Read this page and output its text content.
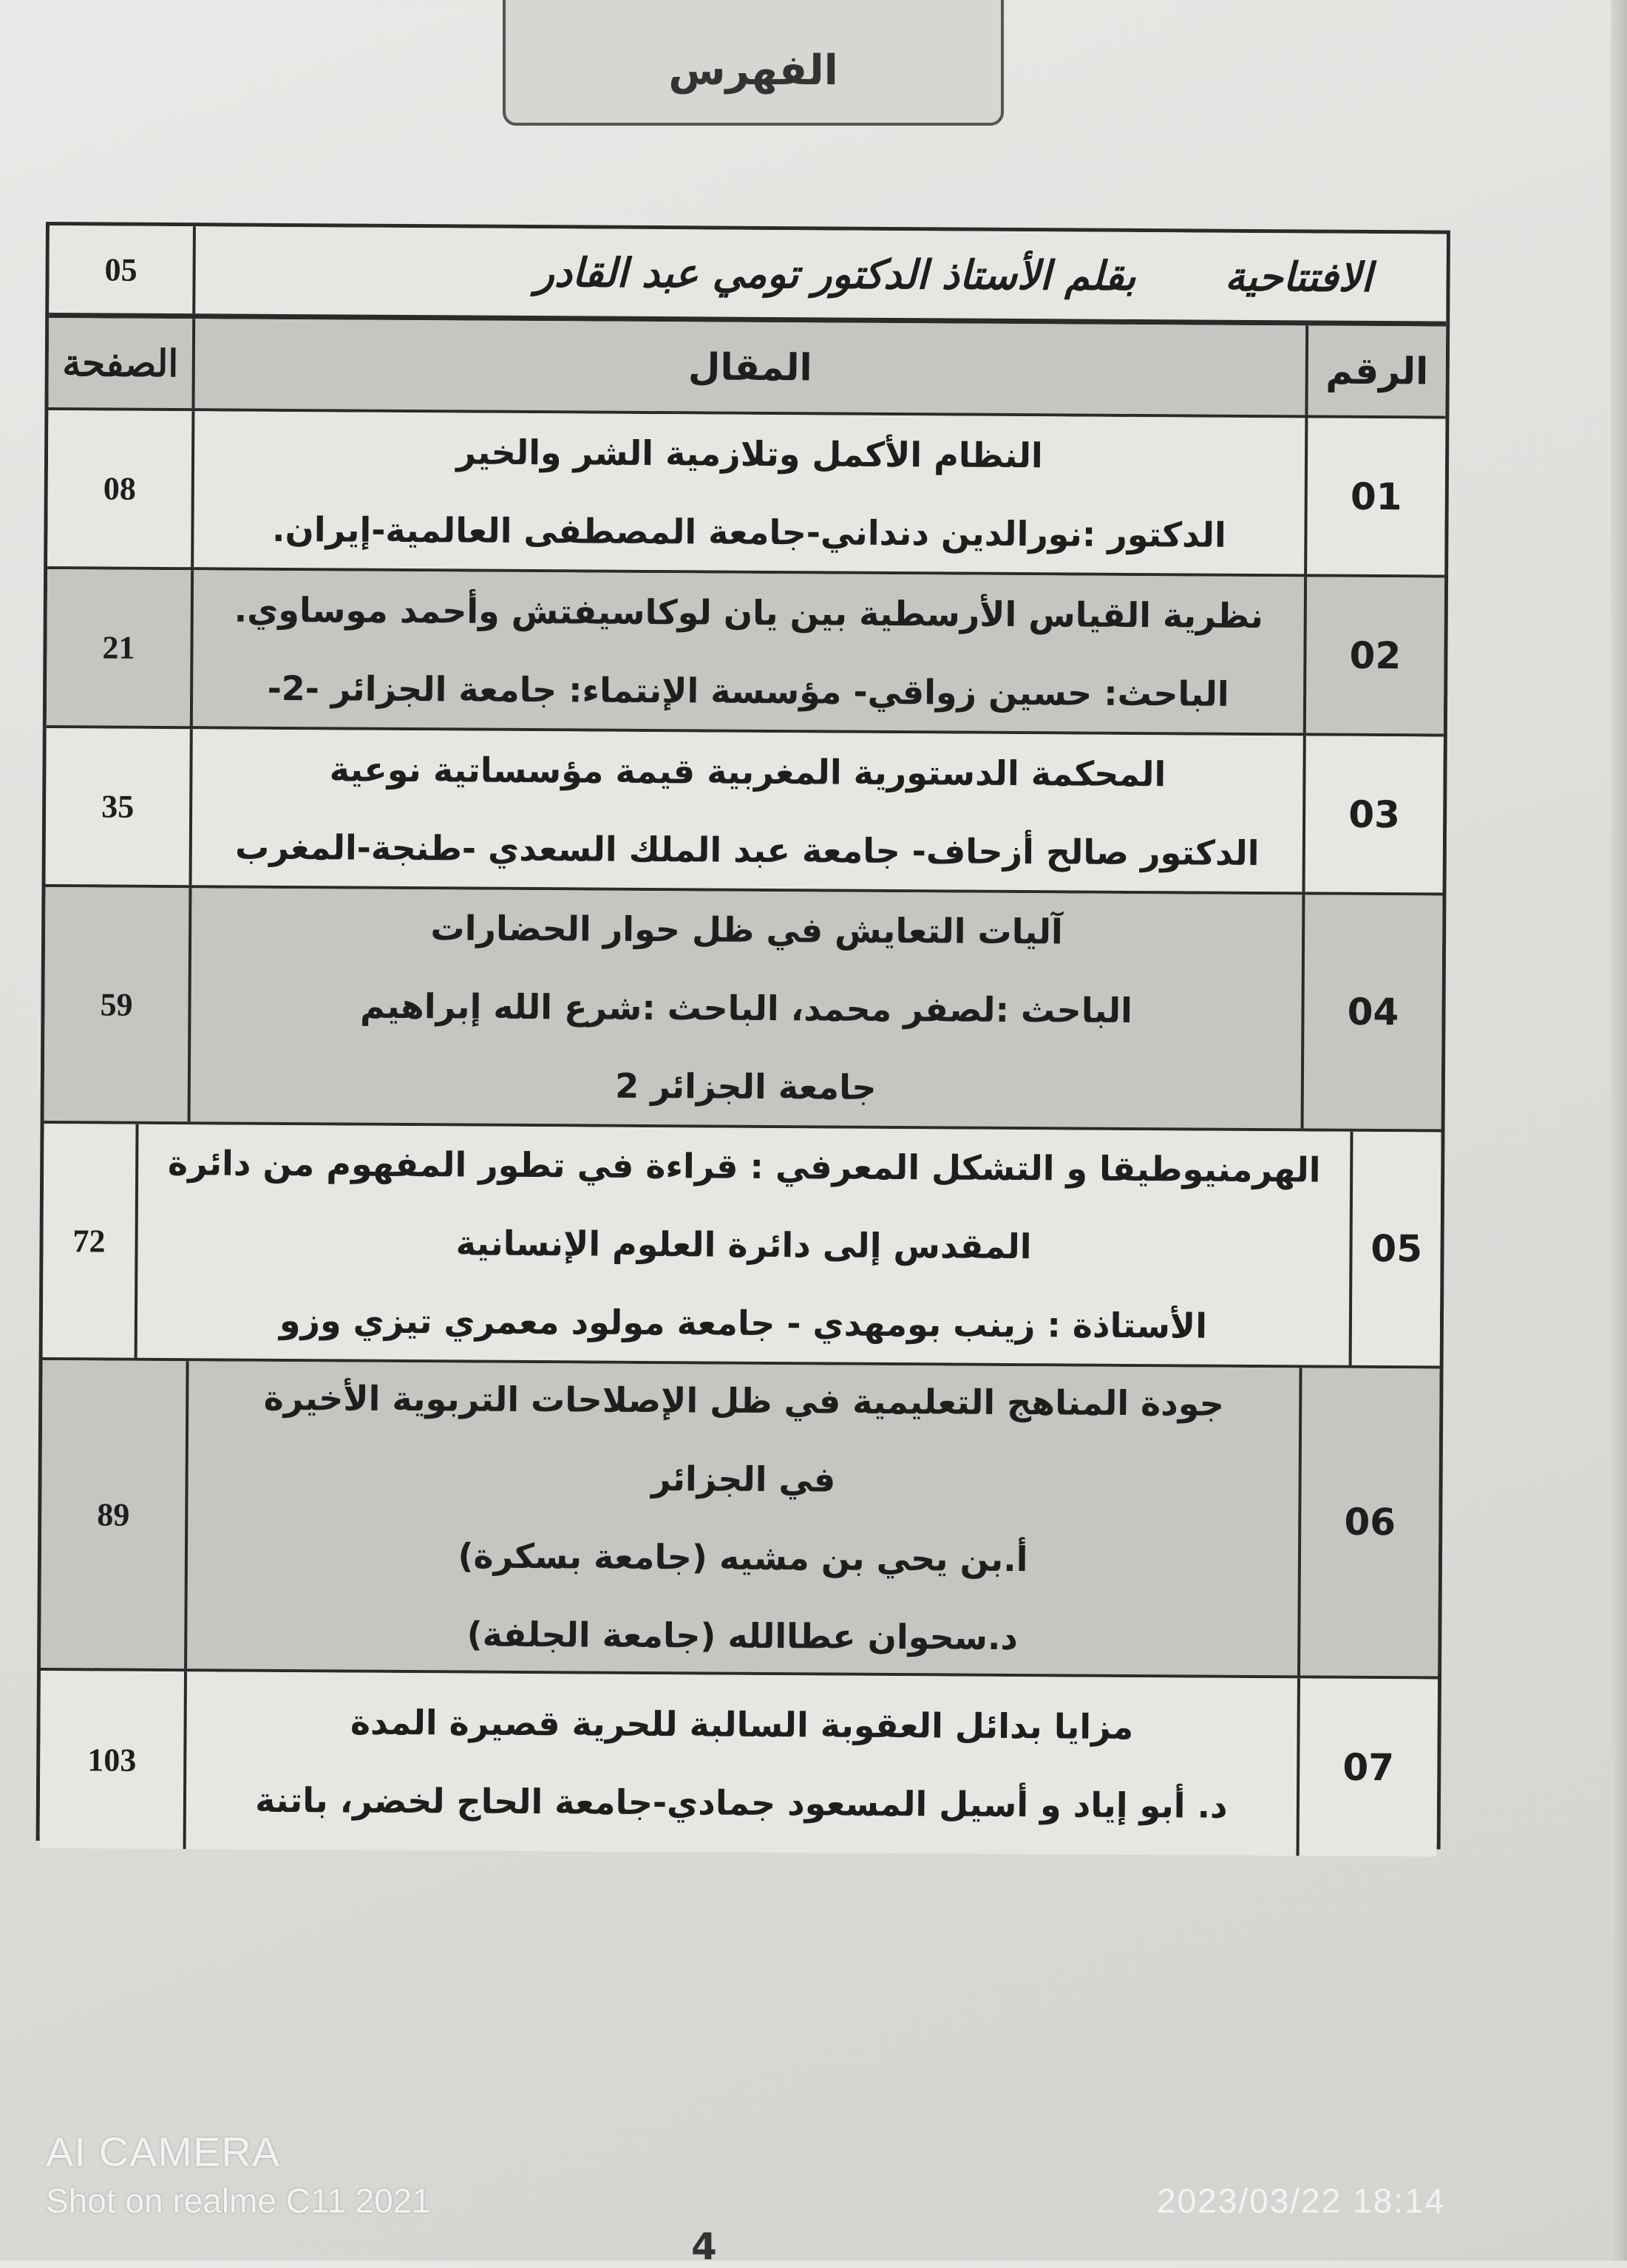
الفهرس
الافتتاحية
بقلم الأستاذ الدكتور تومي عبد القادر
05
الرقم
المقال
الصفحة
01
النظام الأكمل وتلازمية الشر والخير
الدكتور :نورالدين دنداني-جامعة المصطفى العالمية-إيران.
08
02
نظرية القياس الأرسطية بين يان لوكاسيفتش وأحمد موساوي.
الباحث: حسين زواقي- مؤسسة الإنتماء: جامعة الجزائر -2-
21
03
المحكمة الدستورية المغربية قيمة مؤسساتية نوعية
الدكتور صالح أزحاف- جامعة عبد الملك السعدي -طنجة-المغرب
35
04
آليات التعايش في ظل حوار الحضارات
الباحث :لصفر محمد، الباحث :شرع الله إبراهيم
جامعة الجزائر 2
59
05
الهرمنيوطيقا و التشكل المعرفي : قراءة في تطور المفهوم من دائرة
المقدس إلى دائرة العلوم الإنسانية
الأستاذة : زينب بومهدي - جامعة مولود معمري تيزي وزو
72
06
جودة المناهج التعليمية في ظل الإصلاحات التربوية الأخيرة
في الجزائر
أ.بن يحي بن مشيه (جامعة بسكرة)
د.سحوان عطاالله (جامعة الجلفة)
89
07
مزايا بدائل العقوبة السالبة للحرية قصيرة المدة
د. أبو إياد و أسيل المسعود جمادي-جامعة الحاج لخضر، باتنة
103
AI CAMERA
Shot on realme C11 2021	2023/03/22 18:14
4
